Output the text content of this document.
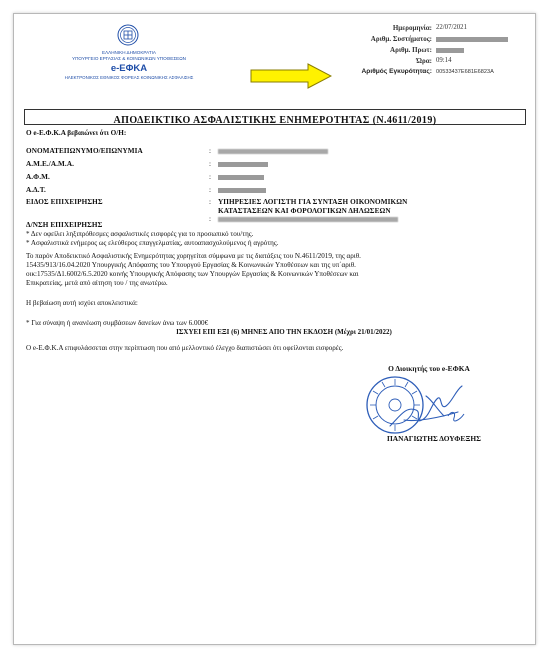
ΕΛΛΗΝΙΚΗ ΔΗΜΟΚΡΑΤΙΑ
ΥΠΟΥΡΓΕΙΟ ΕΡΓΑΣΙΑΣ & ΚΟΙΝΩΝΙΚΩΝ ΥΠΟΘΕΣΕΩΝ
e-ΕΦΚΑ
ΗΛΕΚΤΡΟΝΙΚΟΣ ΕΘΝΙΚΟΣ ΦΟΡΕΑΣ ΚΟΙΝΩΝΙΚΗΣ ΑΣΦΑΛΙΣΗΣ
Ημερομηνία: 22/07/2021
Αριθμ. Συστήματος:
Αριθμ. Πρωτ:
Ώρα: 09:14
Αριθμός Εγκυρότητας: 00533437E681E6823A
ΑΠΟΔΕΙΚΤΙΚΟ ΑΣΦΑΛΙΣΤΙΚΗΣ ΕΝΗΜΕΡΟΤΗΤΑΣ (Ν.4611/2019)
Ο e-Ε.Φ.Κ.Α βεβαιώνει ότι Ο/Η:
ΟΝΟΜΑΤΕΠΩΝΥΜΟ/ΕΠΩΝΥΜΙΑ	:
Α.Μ.Ε./Α.Μ.Α.	:
Α.Φ.Μ.	:
Α.Δ.Τ.	:
ΕΙΔΟΣ ΕΠΙΧΕΙΡΗΣΗΣ	: ΥΠΗΡΕΣΙΕΣ ΛΟΓΙΣΤΗ ΓΙΑ ΣΥΝΤΑΞΗ ΟΙΚΟΝΟΜΙΚΩΝ
ΚΑΤΑΣΤΑΣΕΩΝ ΚΑΙ ΦΟΡΟΛΟΓΙΚΩΝ ΔΗΛΩΣΕΩΝ
Δ/ΝΣΗ ΕΠΙΧΕΙΡΗΣΗΣ
:
* Δεν οφείλει ληξιπρόθεσμες ασφαλιστικές εισφορές για το προσωπικό του/της.
* Ασφαλιστικά ενήμερος ως ελεύθερος επαγγελματίας, αυτοαπασχολούμενος ή αγρότης.
Το παρόν Αποδεικτικό Ασφαλιστικής Ενημερότητας χορηγείται σύμφωνα με τις διατάξεις του Ν.4611/2019, της αριθ.
15435/913/16.04.2020 Υπουργικής Απόφασης του Υπουργού Εργασίας & Κοινωνικών Υποθέσεων και της υπ΄αριθ.
οικ:17535/Δ1.6002/6.5.2020 κοινής Υπουργικής Απόφασης των Υπουργών Εργασίας & Κοινωνικών Υποθέσεων και
Επικρατείας, μετά από αίτηση του / της ανωτέρω.
Η βεβαίωση αυτή ισχύει αποκλειστικά:
* Για σύναψη ή ανανέωση συμβάσεων δανείων άνω των 6.000€
ΙΣΧΥΕΙ ΕΠΙ ΕΞΙ (6) ΜΗΝΕΣ ΑΠΟ ΤΗΝ ΕΚΔΟΣΗ (Μέχρι 21/01/2022)
Ο e-Ε.Φ.Κ.Α επιφυλάσσεται στην περίπτωση που από μελλοντικό έλεγχο διαπιστώσει ότι οφείλονται εισφορές.
Ο Διοικητής του e-ΕΦΚΑ
ΠΑΝΑΓΙΩΤΗΣ ΔΟΥΦΕΞΗΣ
